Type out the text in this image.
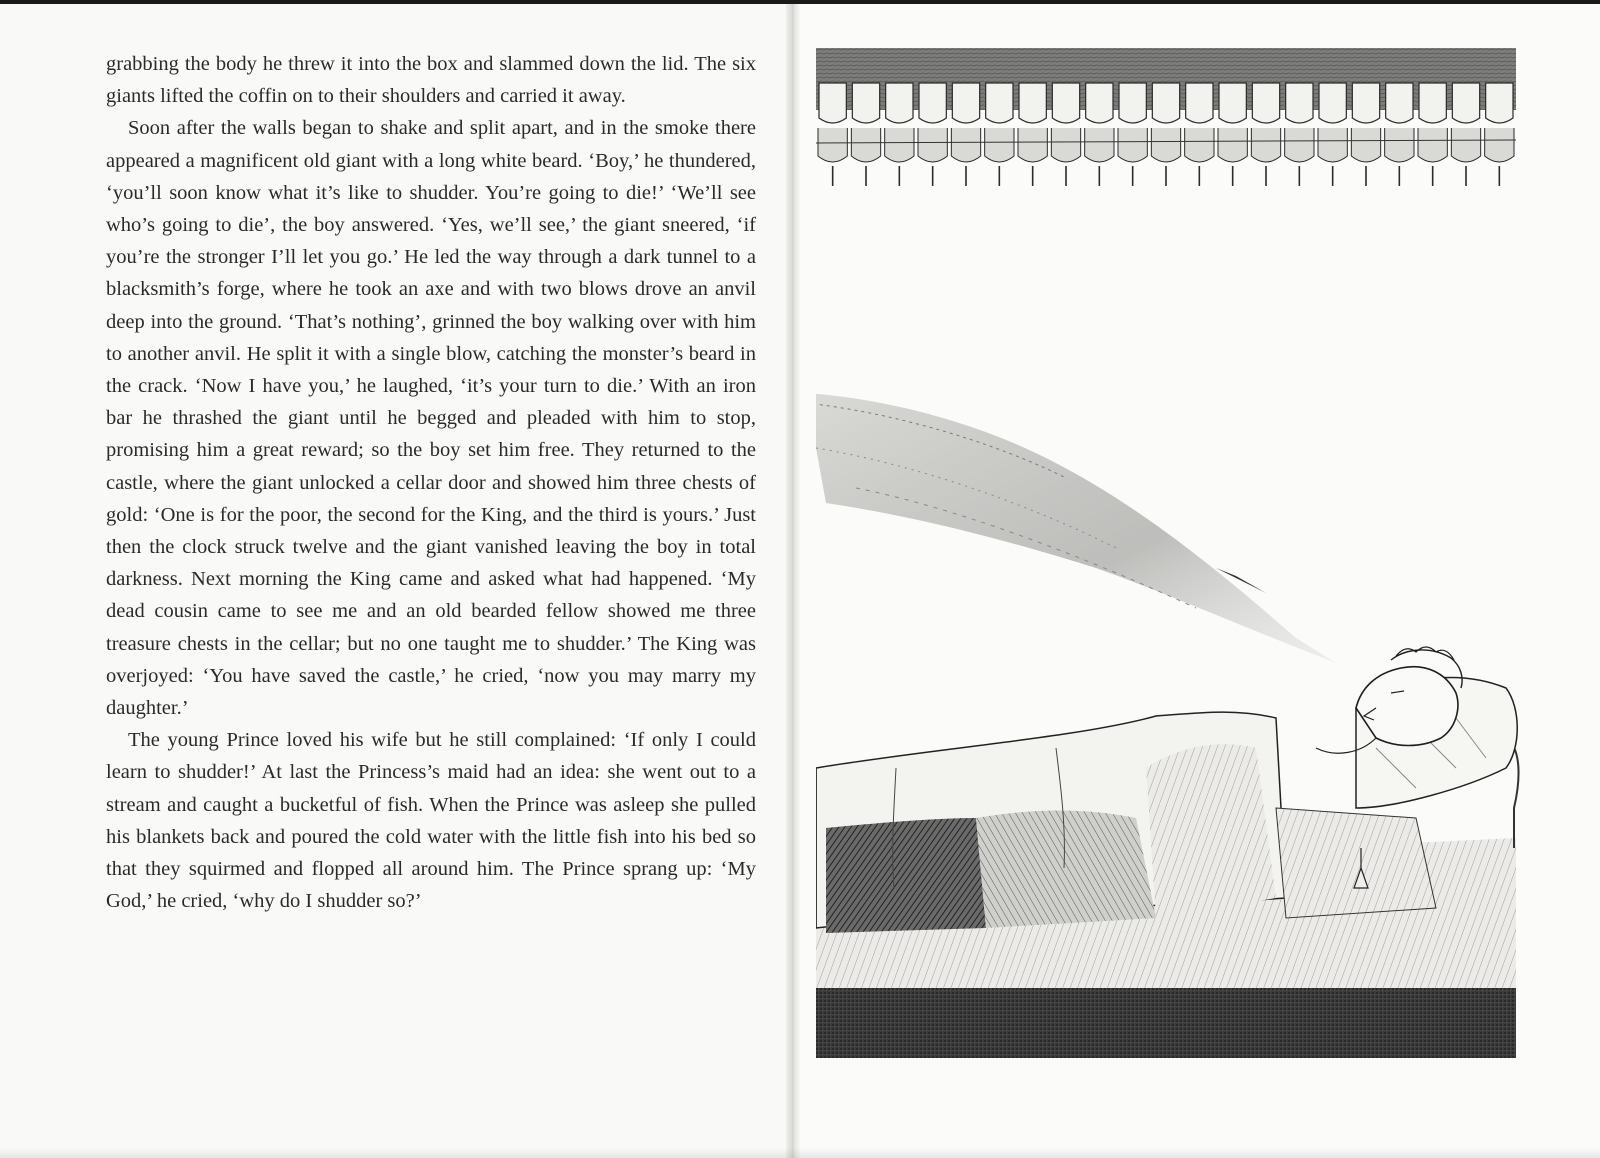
grabbing the body he threw it into the box and slammed down the lid. The six giants lifted the coffin on to their shoulders and carried it away.

Soon after the walls began to shake and split apart, and in the smoke there appeared a magnificent old giant with a long white beard. ‘Boy,’ he thundered, ‘you’ll soon know what it’s like to shudder. You’re going to die!’ ‘We’ll see who’s going to die’, the boy answered. ‘Yes, we’ll see,’ the giant sneered, ‘if you’re the stronger I’ll let you go.’ He led the way through a dark tunnel to a blacksmith’s forge, where he took an axe and with two blows drove an anvil deep into the ground. ‘That’s nothing’, grinned the boy walking over with him to another anvil. He split it with a single blow, catching the monster’s beard in the crack. ‘Now I have you,’ he laughed, ‘it’s your turn to die.’ With an iron bar he thrashed the giant until he begged and pleaded with him to stop, promising him a great reward; so the boy set him free. They returned to the castle, where the giant unlocked a cellar door and showed him three chests of gold: ‘One is for the poor, the second for the King, and the third is yours.’ Just then the clock struck twelve and the giant vanished leaving the boy in total darkness. Next morning the King came and asked what had happened. ‘My dead cousin came to see me and an old bearded fellow showed me three treasure chests in the cellar; but no one taught me to shudder.’ The King was overjoyed: ‘You have saved the castle,’ he cried, ‘now you may marry my daughter.’

The young Prince loved his wife but he still complained: ‘If only I could learn to shudder!’ At last the Princess’s maid had an idea: she went out to a stream and caught a bucketful of fish. When the Prince was asleep she pulled his blankets back and poured the cold water with the little fish into his bed so that they squirmed and flopped all around him. The Prince sprang up: ‘My God,’ he cried, ‘why do I shudder so?’
